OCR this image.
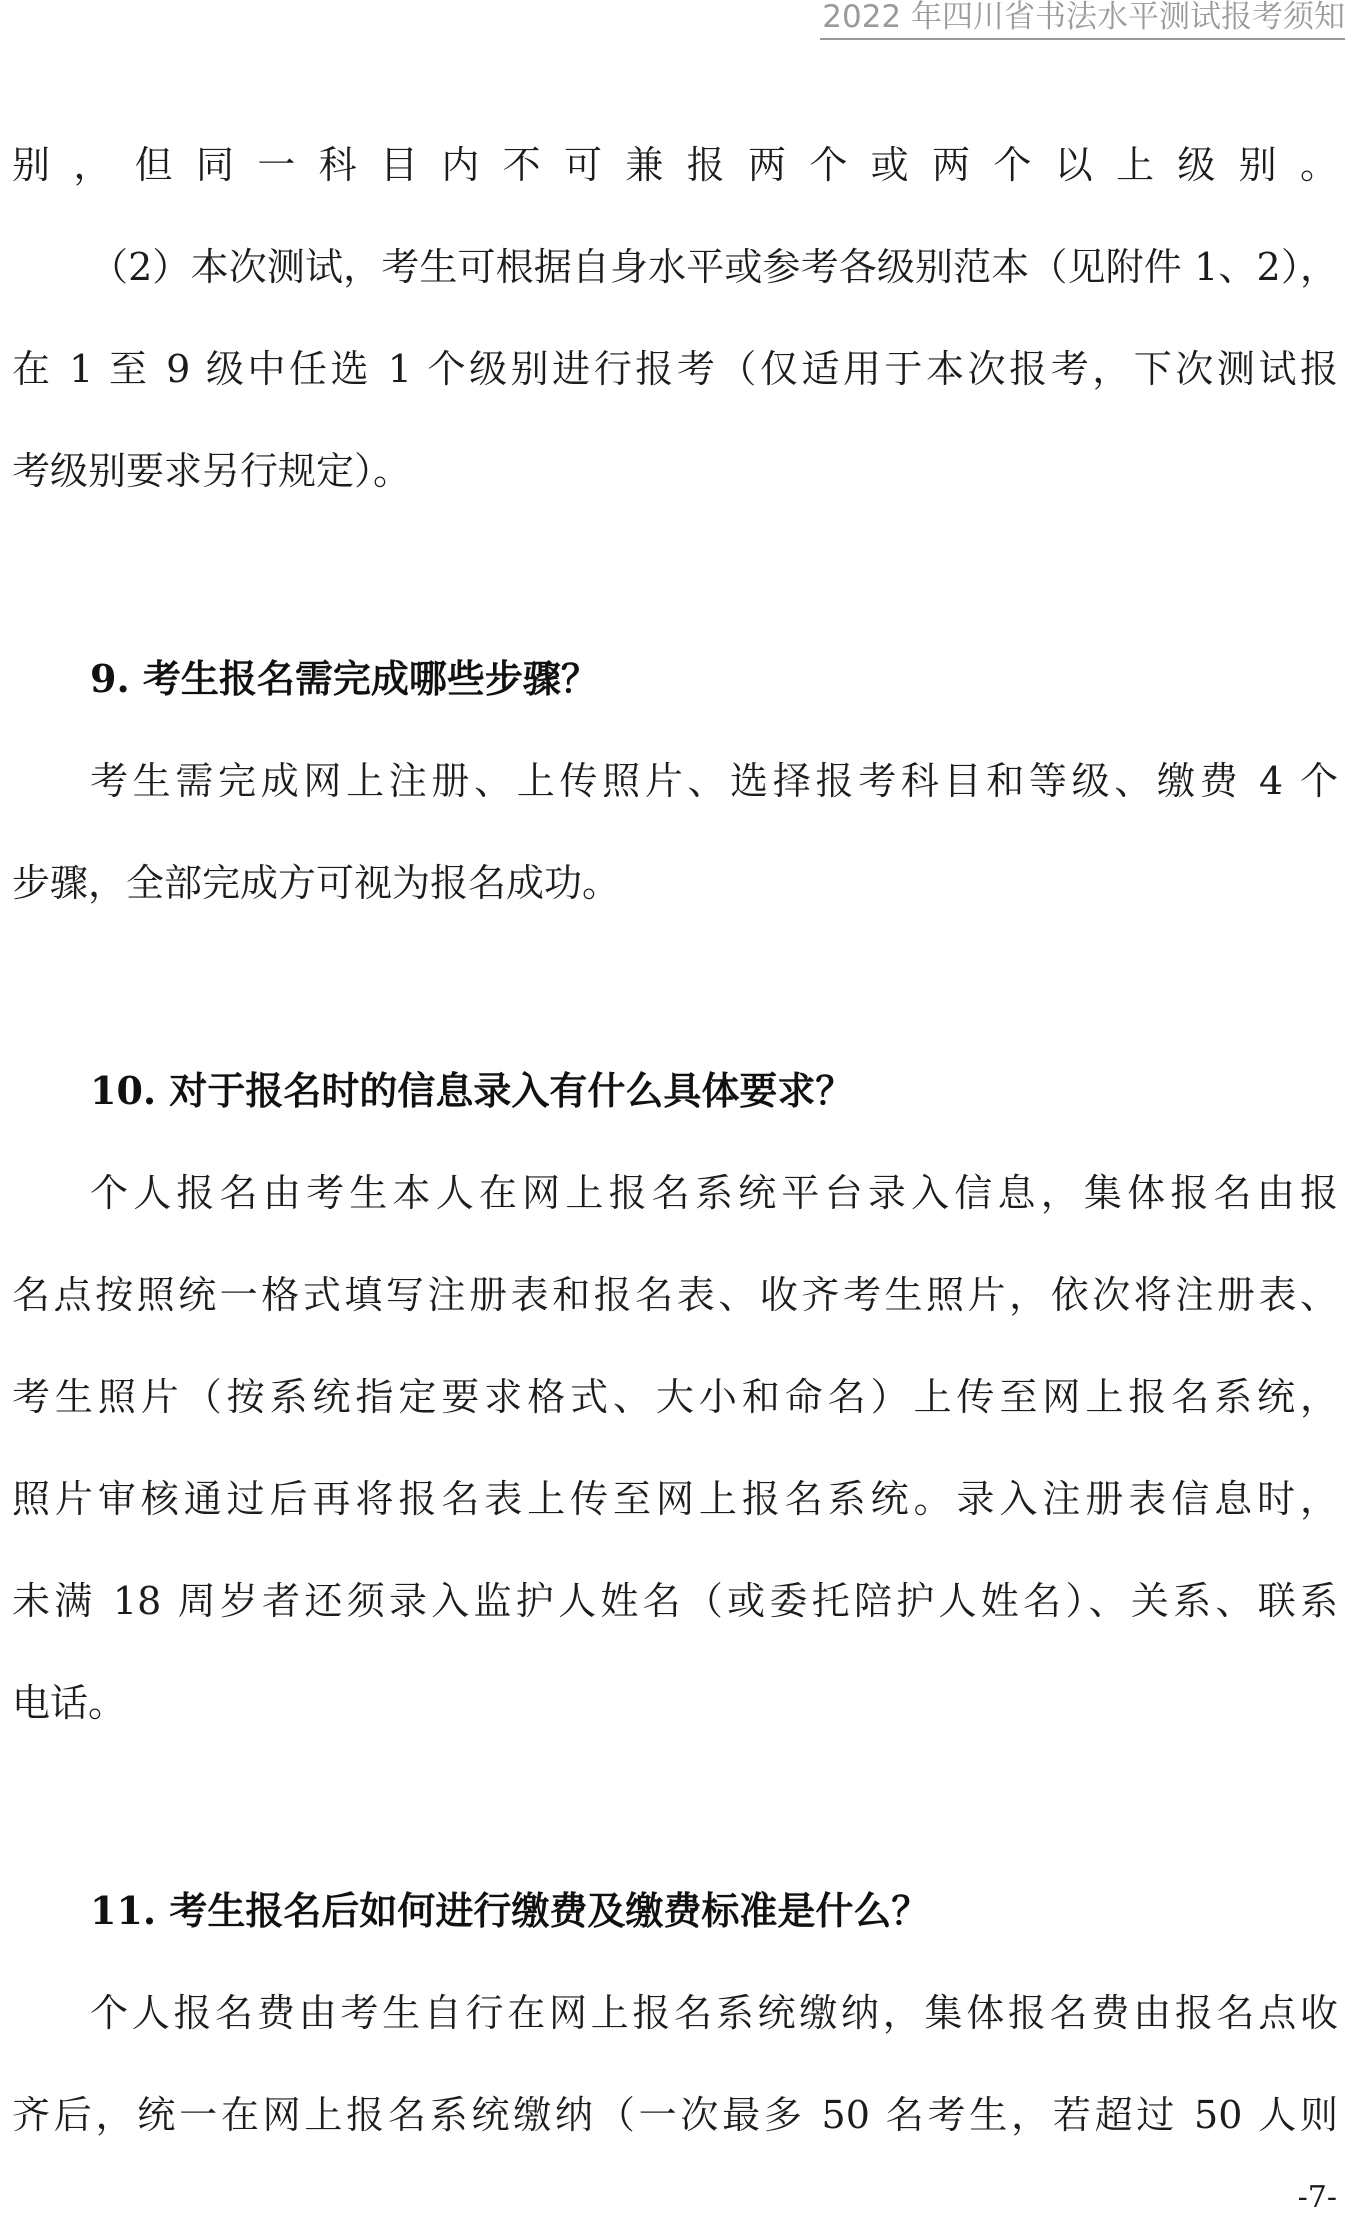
2022 年四川省书法水平测试报考须知
别，但同一科目内不可兼报两个或两个以上级别。
（2）本次测试，考生可根据自身水平或参考各级别范本（见附件 1、2），
在 1 至 9 级中任选 1 个级别进行报考（仅适用于本次报考，下次测试报
考级别要求另行规定）。
9. 考生报名需完成哪些步骤？
考生需完成网上注册、上传照片、选择报考科目和等级、缴费 4 个
步骤，全部完成方可视为报名成功。
10. 对于报名时的信息录入有什么具体要求？
个人报名由考生本人在网上报名系统平台录入信息，集体报名由报
名点按照统一格式填写注册表和报名表、收齐考生照片，依次将注册表、
考生照片（按系统指定要求格式、大小和命名）上传至网上报名系统，
照片审核通过后再将报名表上传至网上报名系统。录入注册表信息时，
未满 18 周岁者还须录入监护人姓名（或委托陪护人姓名）、关系、联系
电话。
11. 考生报名后如何进行缴费及缴费标准是什么？
个人报名费由考生自行在网上报名系统缴纳，集体报名费由报名点收
齐后，统一在网上报名系统缴纳（一次最多 50 名考生，若超过 50 人则
-7-
